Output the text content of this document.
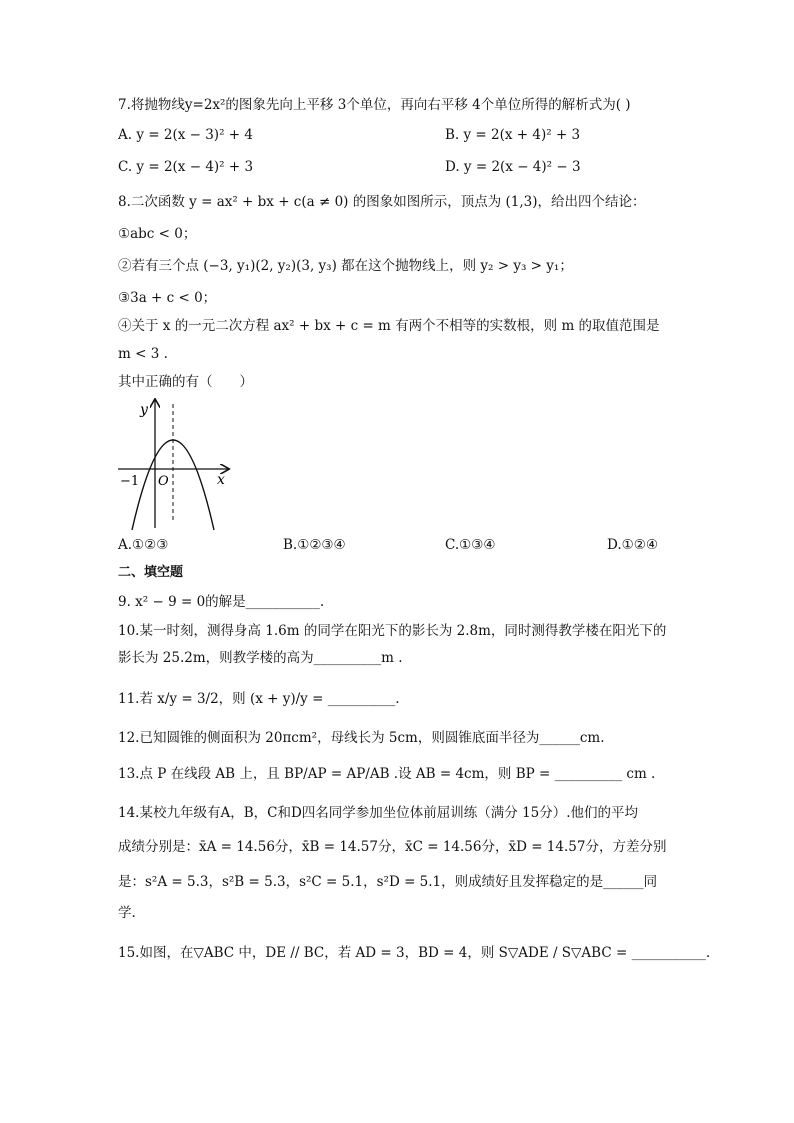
7.将抛物线y=2x²的图象先向上平移 3个单位，再向右平移 4个单位所得的解析式为( )
A. y = 2(x − 3)² + 4	B. y = 2(x + 4)² + 3
C. y = 2(x − 4)² + 3	D. y = 2(x − 4)² − 3
8.二次函数 y = ax² + bx + c(a ≠ 0) 的图象如图所示，顶点为 (1,3)，给出四个结论：
①abc < 0；
②若有三个点 (−3, y₁)(2, y₂)(3, y₃) 都在这个抛物线上，则 y₂ > y₃ > y₁；
③3a + c < 0；
④关于 x 的一元二次方程 ax² + bx + c = m 有两个不相等的实数根，则 m 的取值范围是
m < 3 .
其中正确的有（　　）
y
x
O
−1
A.①②③	B.①②③④	C.①③④	D.①②④
二、填空题
9. x² − 9 = 0的解是___________.
10.某一时刻，测得身高 1.6m 的同学在阳光下的影长为 2.8m，同时测得教学楼在阳光下的
影长为 25.2m，则教学楼的高为__________m .
11.若 x/y = 3/2，则 (x + y)/y = __________.
12.已知圆锥的侧面积为 20πcm²，母线长为 5cm，则圆锥底面半径为______cm.
13.点 P 在线段 AB 上，且 BP/AP = AP/AB .设 AB = 4cm，则 BP = __________ cm .
14.某校九年级有A，B，C和D四名同学参加坐位体前屈训练（满分 15分）.他们的平均
成绩分别是：x̄A = 14.56分，x̄B = 14.57分，x̄C = 14.56分，x̄D = 14.57分，方差分别
是：s²A = 5.3，s²B = 5.3，s²C = 5.1，s²D = 5.1，则成绩好且发挥稳定的是______同
学.
15.如图，在▽ABC 中，DE // BC，若 AD = 3，BD = 4，则 S▽ADE / S▽ABC = ___________.
